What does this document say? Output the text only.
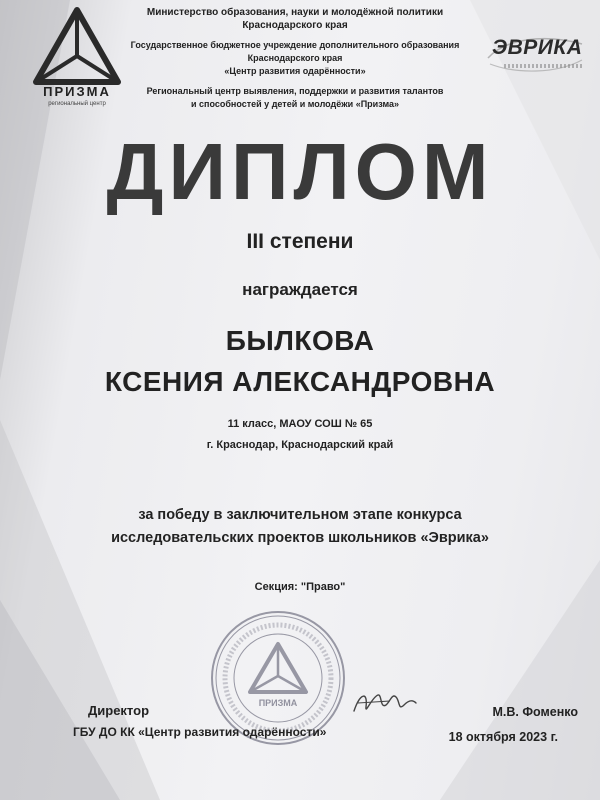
ПРИЗМА
региональный центр
Министерство образования, науки и молодёжной политики Краснодарского края
Государственное бюджетное учреждение дополнительного образования Краснодарского края
«Центр развития одарённости»
Региональный центр выявления, поддержки и развития талантов
и способностей у детей и молодёжи «Призма»
ЭВРИКА
ДИПЛОМ
III степени
награждается
БЫЛКОВА
КСЕНИЯ АЛЕКСАНДРОВНА
11 класс, МАОУ СОШ № 65
г. Краснодар, Краснодарский край
за победу в заключительном этапе конкурса
исследовательских проектов школьников «Эврика»
Секция: "Право"
ПРИЗМА
Директор
ГБУ ДО КК «Центр развития одарённости»
М.В. Фоменко
18 октября 2023 г.
